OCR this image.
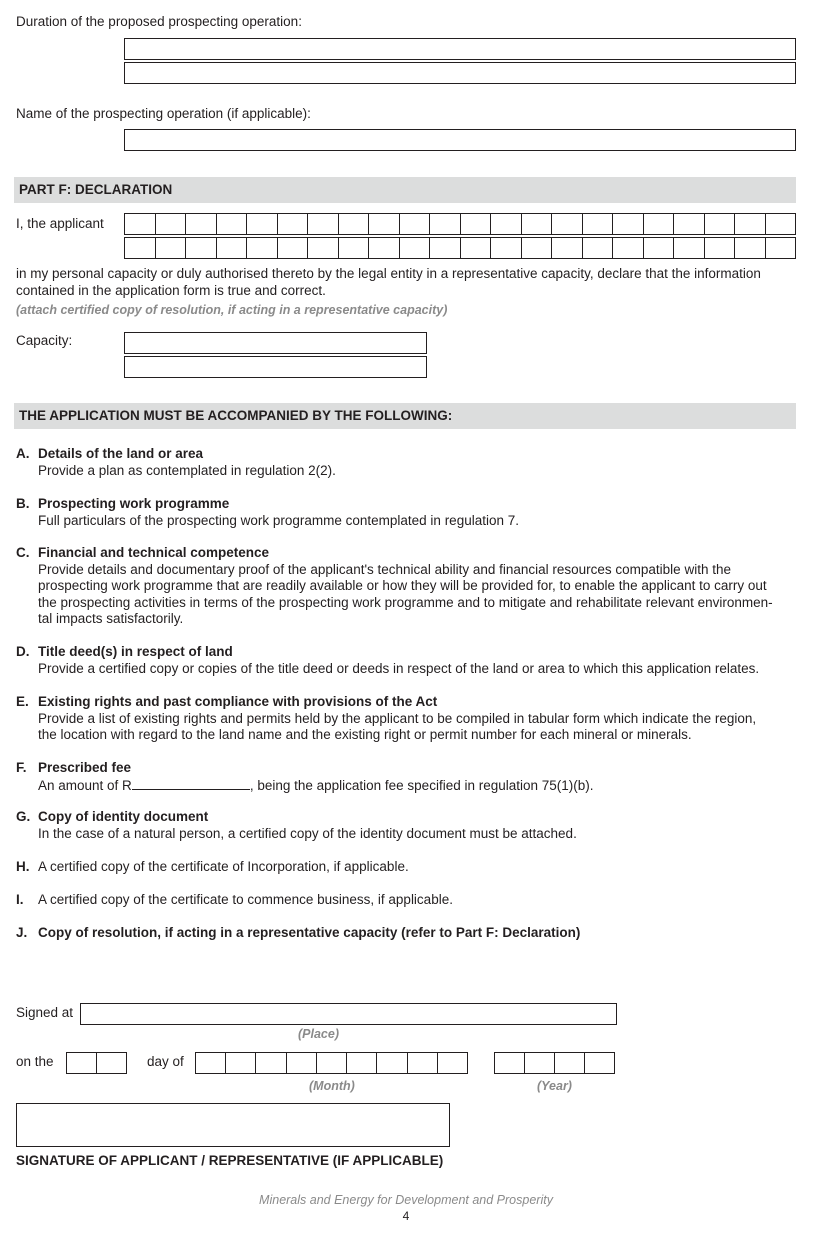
Duration of the proposed prospecting operation:
Name of the prospecting operation (if applicable):
PART F: DECLARATION
I, the applicant
in my personal capacity or duly authorised thereto by the legal entity in a representative capacity, declare that the information
contained in the application form is true and correct.
(attach certified copy of resolution, if acting in a representative capacity)
Capacity:
THE APPLICATION MUST BE ACCOMPANIED BY THE FOLLOWING:
A. Details of the land or area
Provide a plan as contemplated in regulation 2(2).
B. Prospecting work programme
Full particulars of the prospecting work programme contemplated in regulation 7.
C. Financial and technical competence
Provide details and documentary proof of the applicant's technical ability and financial resources compatible with the
prospecting work programme that are readily available or how they will be provided for, to enable the applicant to carry out
the prospecting activities in terms of the prospecting work programme and to mitigate and rehabilitate relevant environmen-
tal impacts satisfactorily.
D. Title deed(s) in respect of land
Provide a certified copy or copies of the title deed or deeds in respect of the land or area to which this application relates.
E. Existing rights and past compliance with provisions of the Act
Provide a list of existing rights and permits held by the applicant to be compiled in tabular form which indicate the region,
the location with regard to the land name and the existing right or permit number for each mineral or minerals.
F. Prescribed fee
An amount of R	, being the application fee specified in regulation 75(1)(b).
G. Copy of identity document
In the case of a natural person, a certified copy of the identity document must be attached.
H. A certified copy of the certificate of Incorporation, if applicable.
I. A certified copy of the certificate to commence business, if applicable.
J. Copy of resolution, if acting in a representative capacity (refer to Part F: Declaration)
Signed at
(Place)
on the	day of
(Month)	(Year)
SIGNATURE OF APPLICANT / REPRESENTATIVE (IF APPLICABLE)
Minerals and Energy for Development and Prosperity
4
